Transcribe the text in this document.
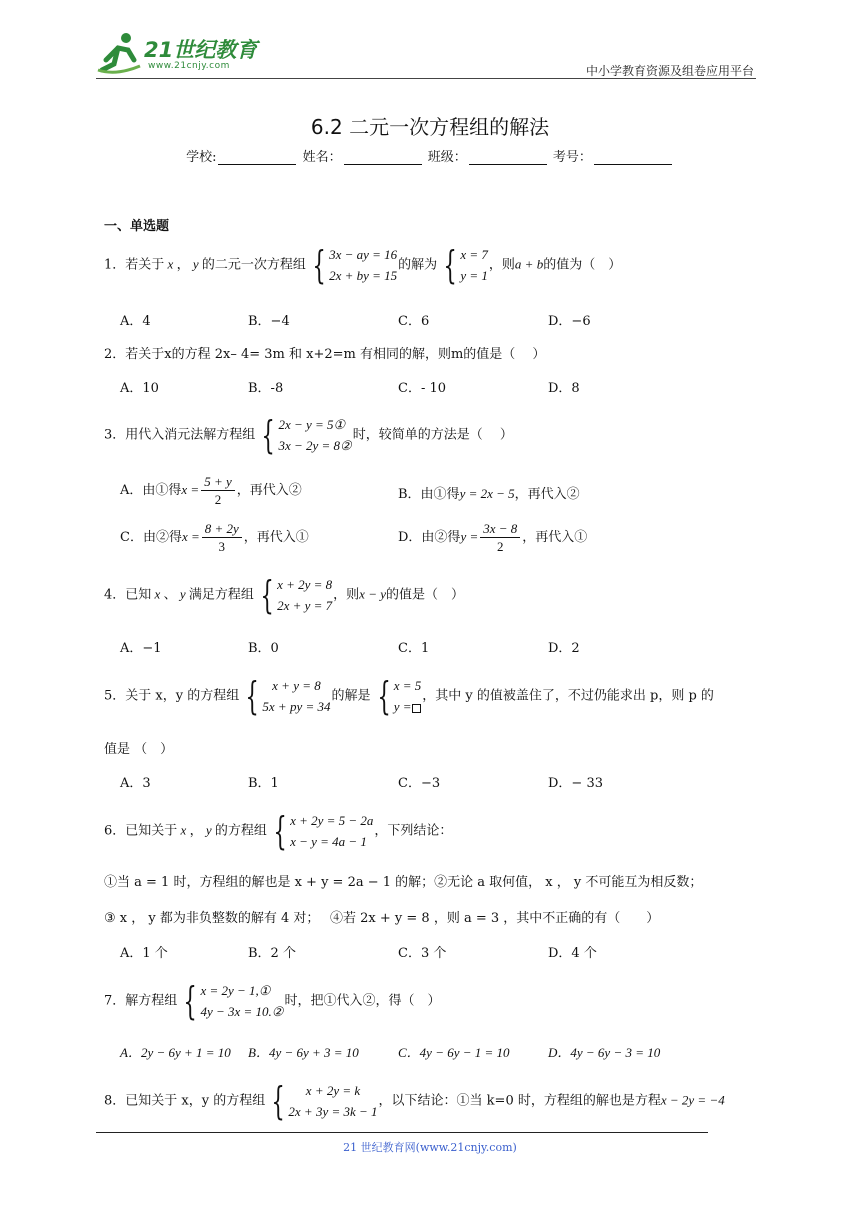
21世纪教育
www.21cnjy.com	中小学教育资源及组卷应用平台
6.2 二元一次方程组的解法
学校:	姓名：	班级：	考号：
一、单选题
1．若关于 x ， y 的二元一次方程组 { 3x − ay = 16
2x + by = 15
的解为 { x = 7
y = 1
，则a + b的值为（　）
A．4	B．−4	C．6	D．−6
2．若关于x的方程 2x– 4= 3m 和 x+2=m 有相同的解，则m的值是（　 ）
A．10	B．-8	C．- 10	D．8
3．用代入消元法解方程组 { 2x − y = 5①
3x − 2y = 8②
时，较简单的方法是（　 ）
A．由①得$x = \frac{5 + y}{2}$ ，再代入②	B．由①得y = 2x − 5，再代入②
C．由②得$x = \frac{8 + 2y}{3}$ ，再代入①	D．由②得$y = \frac{3x - 8}{2}$ ，再代入①
4．已知 x 、 y 满足方程组 { x + 2y = 8
2x + y = 7
，则x − y的值是（　）
A．−1	B．0	C．1	D．2
5．关于 x，y 的方程组 { x + y = 8
5x + py = 34
的解是 { x = 5
y =
，其中 y 的值被盖住了，不过仍能求出 p，则 p 的
值是 （　）
A．3	B．1	C．−3	D．− 33
6．已知关于 x ， y 的方程组 { x + 2y = 5 − 2a
x − y = 4a − 1
，下列结论：
①当 a = 1 时，方程组的解也是 x + y = 2a − 1 的解；②无论 a 取何值， x ， y 不可能互为相反数；
③ x ， y 都为非负整数的解有 4 对；　 ④若 2x + y = 8 ，则 a = 3 ，其中不正确的有（　　）
A．1 个	B．2 个	C．3 个	D．4 个
7．解方程组 { x = 2y − 1,①
4y − 3x = 10.②
时，把①代入②，得（　）
A．2y − 6y + 1 = 10 B．4y − 6y + 3 = 10	C．4y − 6y − 1 = 10	D．4y − 6y − 3 = 10
8．已知关于 x，y 的方程组 { x + 2y = k
2x + 3y = 3k − 1
，以下结论：①当 k=0 时，方程组的解也是方程x − 2y = −4
21 世纪教育网(www.21cnjy.com)
